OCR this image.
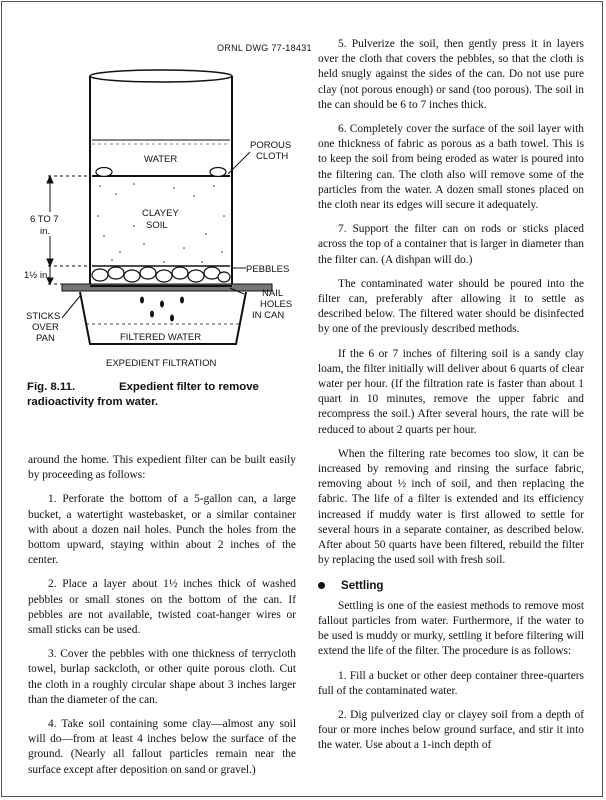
ORNL DWG 77-18431
WATER
POROUS
CLOTH
CLAYEY
SOIL
6 TO 7
in.
1½ in.
PEBBLES
NAIL
HOLES
IN CAN
STICKS
OVER
PAN	FILTERED WATER
EXPEDIENT FILTRATION
Fig. 8.11.	Expedient filter to remove radioactivity from water.

around the home. This expedient filter can be built easily by proceeding as follows:

1. Perforate the bottom of a 5-gallon can, a large bucket, a watertight wastebasket, or a similar container with about a dozen nail holes. Punch the holes from the bottom upward, staying within about 2 inches of the center.

2. Place a layer about 1½ inches thick of washed pebbles or small stones on the bottom of the can. If pebbles are not available, twisted coat-hanger wires or small sticks can be used.

3. Cover the pebbles with one thickness of terrycloth towel, burlap sackcloth, or other quite porous cloth. Cut the cloth in a roughly circular shape about 3 inches larger than the diameter of the can.

4. Take soil containing some clay—almost any soil will do—from at least 4 inches below the surface of the ground. (Nearly all fallout particles remain near the surface except after deposition on sand or gravel.)

5. Pulverize the soil, then gently press it in layers over the cloth that covers the pebbles, so that the cloth is held snugly against the sides of the can. Do not use pure clay (not porous enough) or sand (too porous). The soil in the can should be 6 to 7 inches thick.

6. Completely cover the surface of the soil layer with one thickness of fabric as porous as a bath towel. This is to keep the soil from being eroded as water is poured into the filtering can. The cloth also will remove some of the particles from the water. A dozen small stones placed on the cloth near its edges will secure it adequately.

7. Support the filter can on rods or sticks placed across the top of a container that is larger in diameter than the filter can. (A dishpan will do.)

The contaminated water should be poured into the filter can, preferably after allowing it to settle as described below. The filtered water should be disinfected by one of the previously described methods.

If the 6 or 7 inches of filtering soil is a sandy clay loam, the filter initially will deliver about 6 quarts of clear water per hour. (If the filtration rate is faster than about 1 quart in 10 minutes, remove the upper fabric and recompress the soil.) After several hours, the rate will be reduced to about 2 quarts per hour.

When the filtering rate becomes too slow, it can be increased by removing and rinsing the surface fabric, removing about ½ inch of soil, and then replacing the fabric. The life of a filter is extended and its efficiency increased if muddy water is first allowed to settle for several hours in a separate container, as described below. After about 50 quarts have been filtered, rebuild the filter by replacing the used soil with fresh soil.

Settling

Settling is one of the easiest methods to remove most fallout particles from water. Furthermore, if the water to be used is muddy or murky, settling it before filtering will extend the life of the filter. The procedure is as follows:

1. Fill a bucket or other deep container three-quarters full of the contaminated water.

2. Dig pulverized clay or clayey soil from a depth of four or more inches below ground surface, and stir it into the water. Use about a 1-inch depth of
